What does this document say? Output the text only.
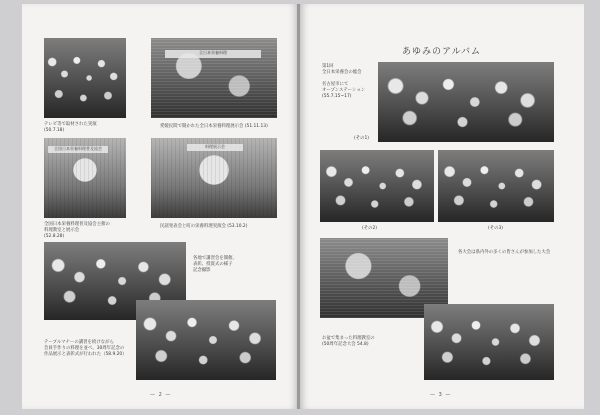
テレビ等で取材された実演
(50.7.18)
全日本栄養料理
愛媛民間で開かれた全日本栄養料理展示会 (51.11.13)
全国日本栄養料理普及協会
全国日本栄養料理普及協会主催の
料理教室と展示会
(52.8.28)
料理展示会
民謡発表会と町の栄養料理実演会 (53.10.2)
各地で講習会を開催、
表彰、授賞式の様子
記念撮影
テーブルマナーの講習を続けながら
会員手作りの料理を並べ、30周年記念の
作品展示と表彰式が行われた（58.9.20）
— 2 —
あゆみのアルバム
第1回
全日本栄養会の総会

名古屋市にて
オープンステーション
(55.7.15~17)
(その1)
(その2)	(その3)
各大会は県内外の多くの皆さんが参加した大会
お盆で集まった料理教室の
(50周年記念大会 54.8)
— 3 —
